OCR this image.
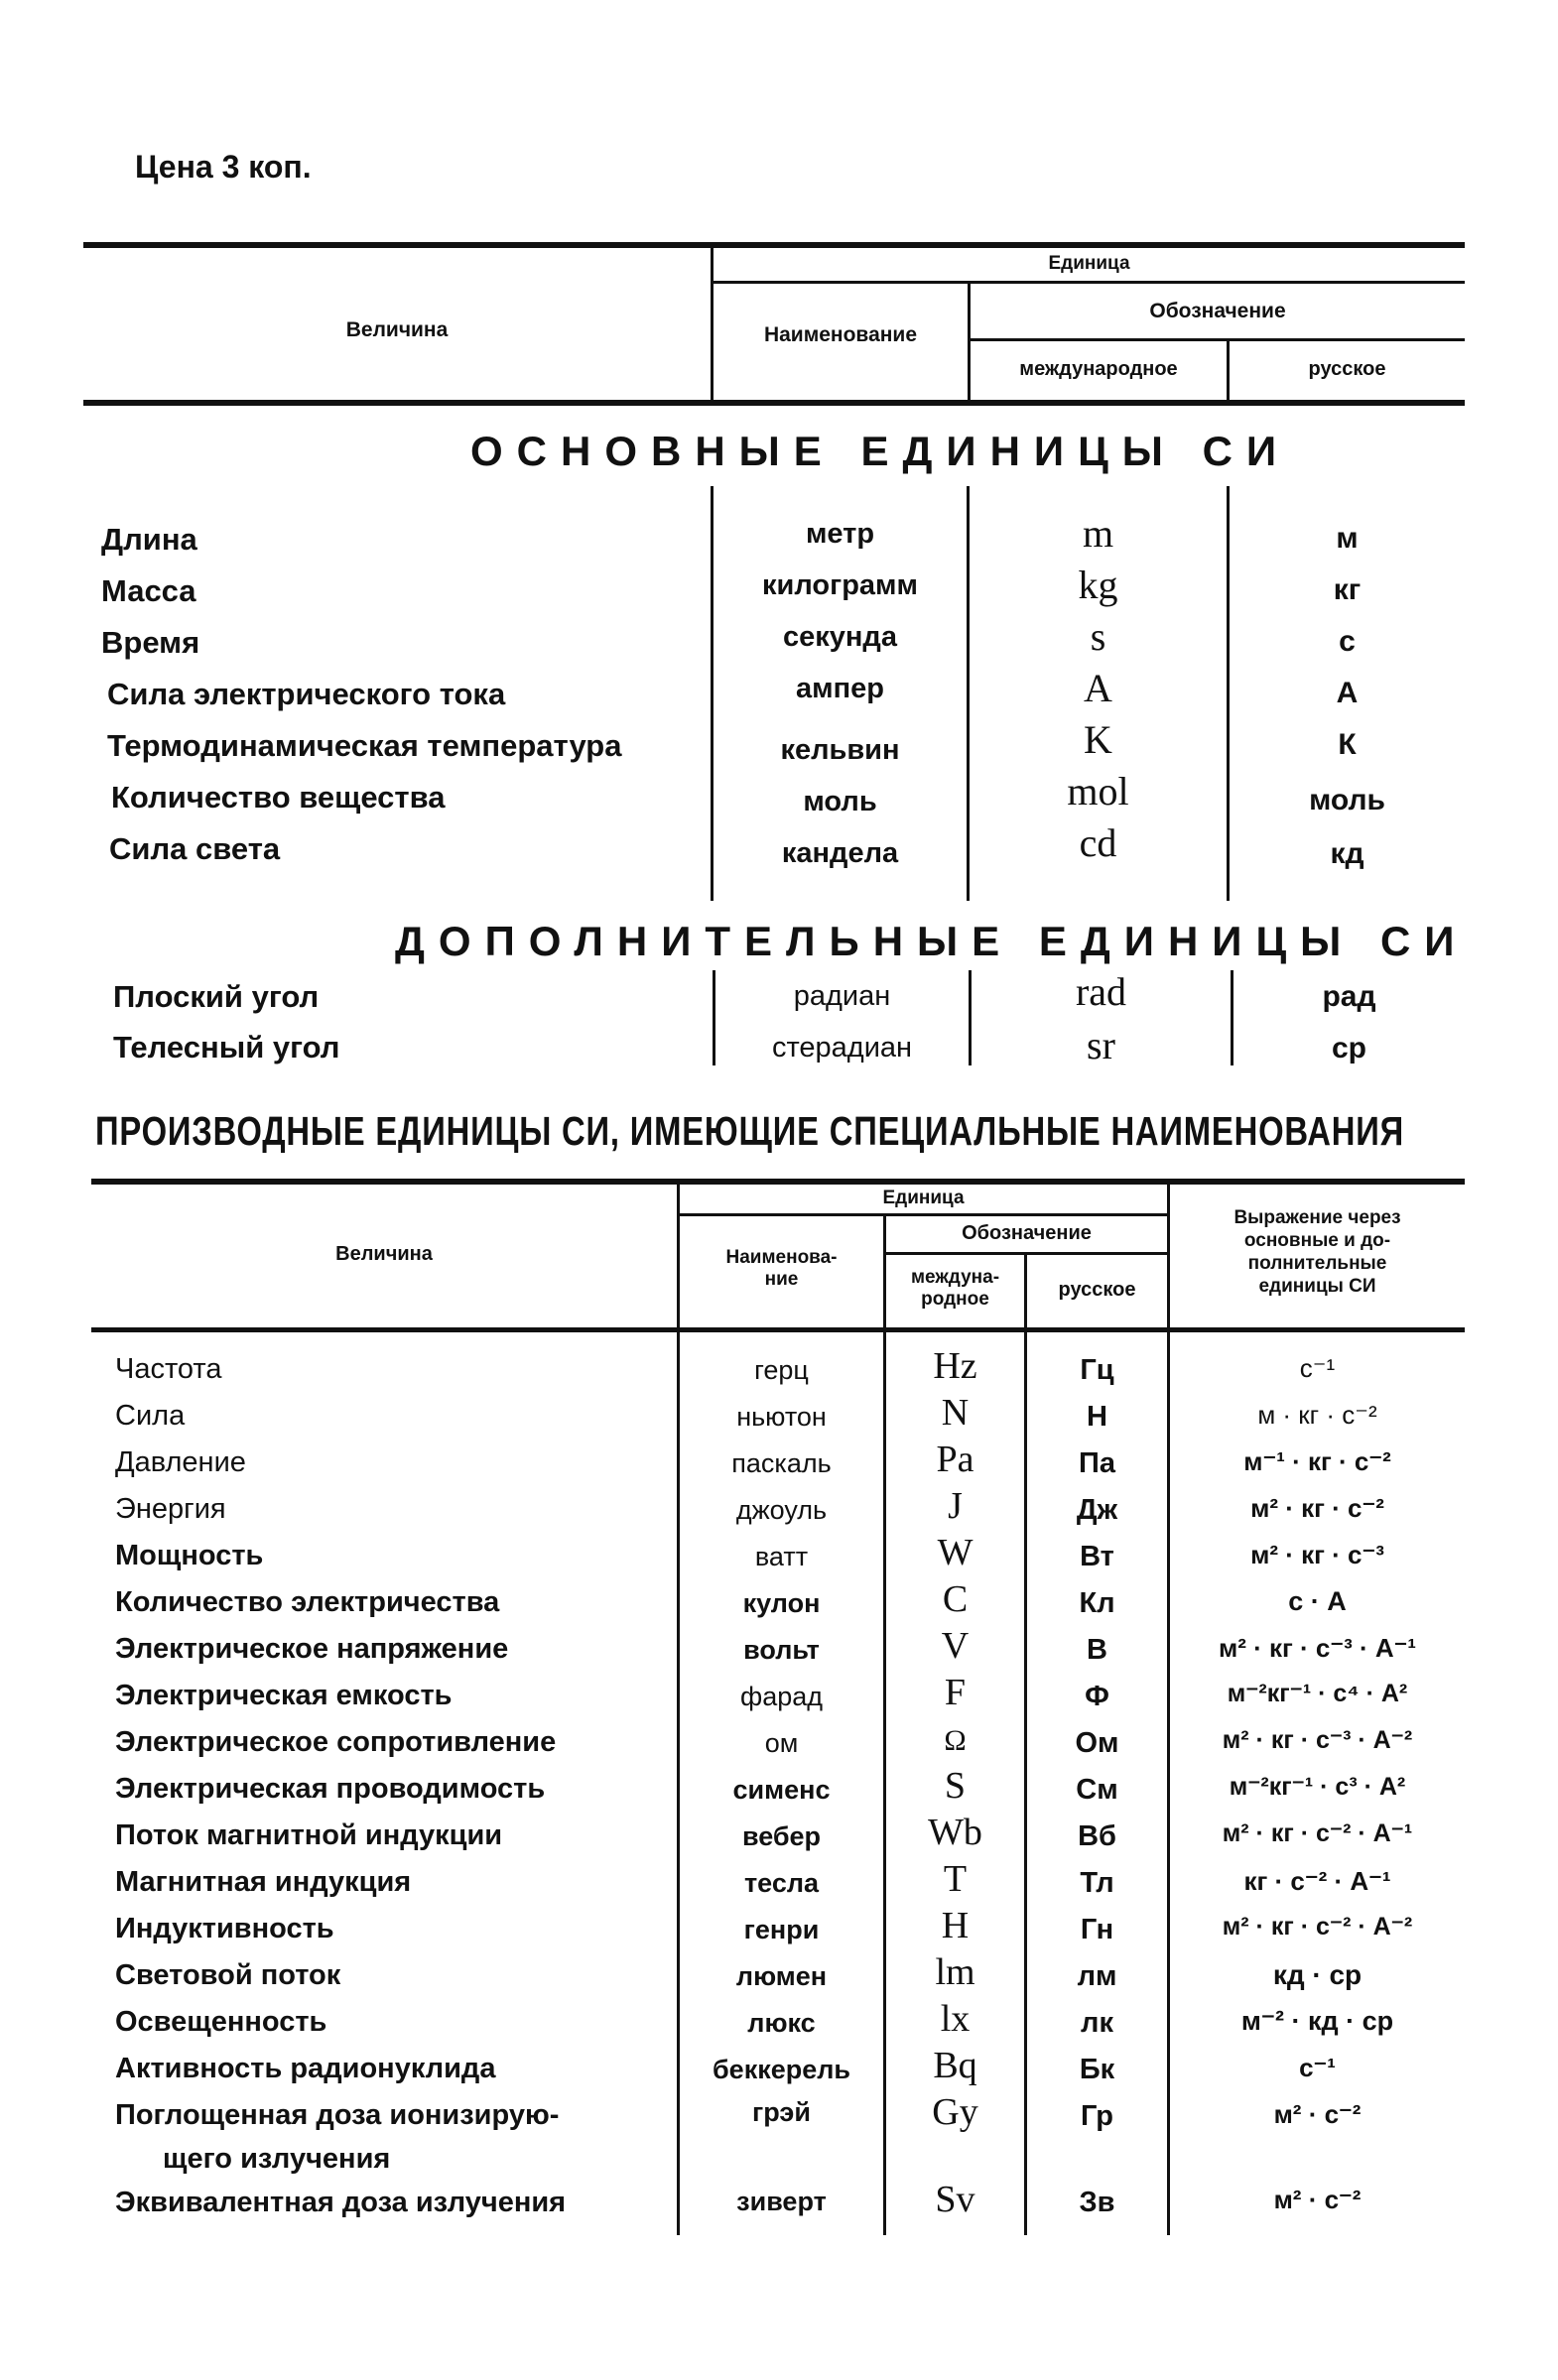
Цена 3 коп.
Величина
Единица
Наименование
Обозначение
международное	русское
ОСНОВНЫЕ ЕДИНИЦЫ СИ
Длина	метр	m	м
Масса	килограмм	kg	кг
Время	секунда	s	с
Сила электрического тока	ампер	A	А
Термодинамическая температура	кельвин	K	К
Количество вещества	моль	mol	моль
Сила света	кандела	cd	кд
ДОПОЛНИТЕЛЬНЫЕ ЕДИНИЦЫ СИ
Плоский угол	радиан	rad	рад
Телесный угол	стерадиан	sr	ср
ПРОИЗВОДНЫЕ ЕДИНИЦЫ СИ, ИМЕЮЩИЕ СПЕЦИАЛЬНЫЕ НАИМЕНОВАНИЯ
Величина
Единица
Наименова-
ние
Обозначение
междуна-
родное	русское
Выражение через
основные и до-
полнительные
единицы СИ
Частота	герц	Hz	Гц	с⁻¹
Сила	ньютон	N	Н	м · кг · с⁻²
Давление	паскаль	Pa	Па	м⁻¹ · кг · с⁻²
Энергия	джоуль	J	Дж	м² · кг · с⁻²
Мощность	ватт	W	Вт	м² · кг · с⁻³
Количество электричества	кулон	C	Кл	с · А
Электрическое напряжение	вольт	V	В	м² · кг · с⁻³ · А⁻¹
Электрическая емкость	фарад	F	Ф	м⁻²кг⁻¹ · с⁴ · А²
Электрическое сопротивление	ом	Ω	Ом	м² · кг · с⁻³ · А⁻²
Электрическая проводимость	сименс	S	См	м⁻²кг⁻¹ · с³ · А²
Поток магнитной индукции	вебер	Wb	Вб	м² · кг · с⁻² · А⁻¹
Магнитная индукция	тесла	T	Тл	кг · с⁻² · А⁻¹
Индуктивность	генри	H	Гн	м² · кг · с⁻² · А⁻²
Световой поток	люмен	lm	лм	кд · ср
Освещенность	люкс	lx	лк	м⁻² · кд · ср
Активность радионуклида	беккерель	Bq	Бк	с⁻¹
Поглощенная доза ионизирую-
щего излучения
грэй	Gy	Гр	м² · с⁻²
Эквивалентная доза излучения	зиверт	Sv	Зв	м² · с⁻²
